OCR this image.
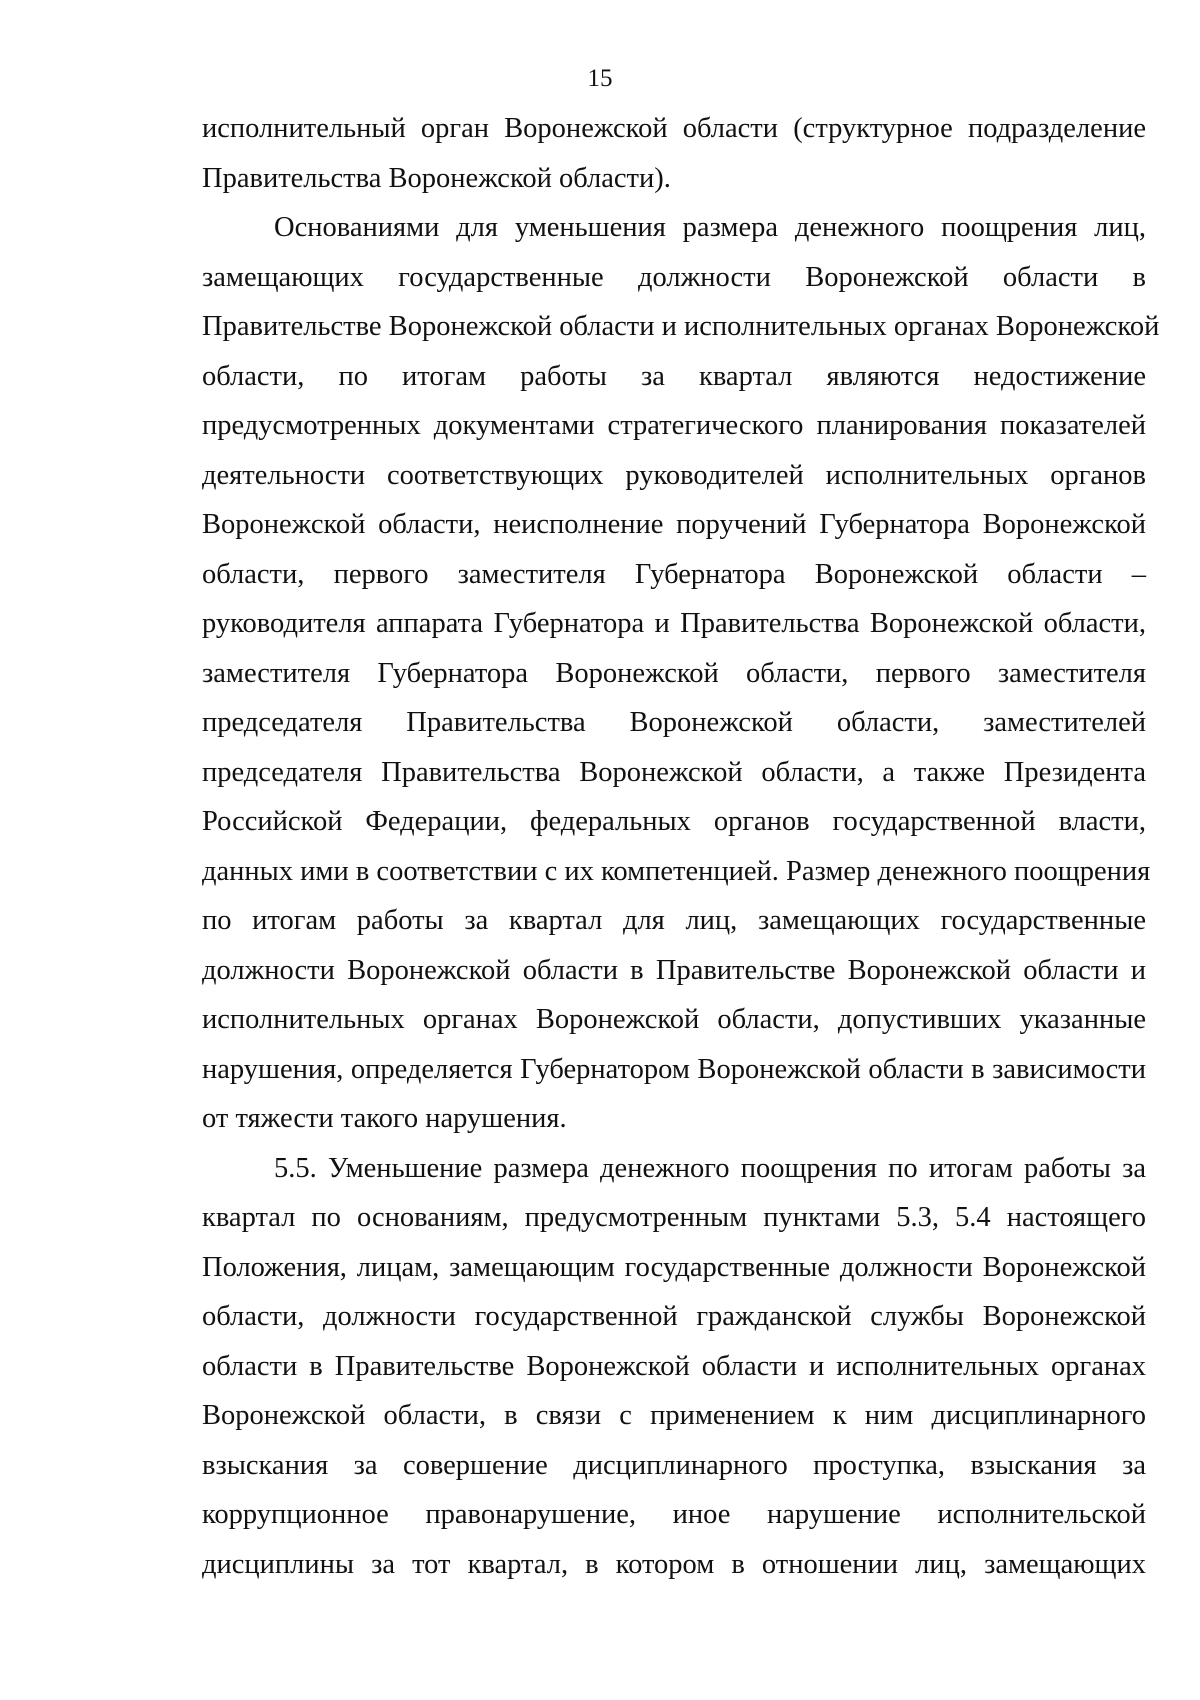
15
исполнительный орган Воронежской области (структурное подразделение
Правительства Воронежской области).
Основаниями для уменьшения размера денежного поощрения лиц,
замещающих государственные должности Воронежской области в
Правительстве Воронежской области и исполнительных органах Воронежской
области, по итогам работы за квартал являются недостижение
предусмотренных документами стратегического планирования показателей
деятельности соответствующих руководителей исполнительных органов
Воронежской области, неисполнение поручений Губернатора Воронежской
области, первого заместителя Губернатора Воронежской области –
руководителя аппарата Губернатора и Правительства Воронежской области,
заместителя Губернатора Воронежской области, первого заместителя
председателя Правительства Воронежской области, заместителей
председателя Правительства Воронежской области, а также Президента
Российской Федерации, федеральных органов государственной власти,
данных ими в соответствии с их компетенцией. Размер денежного поощрения
по итогам работы за квартал для лиц, замещающих государственные
должности Воронежской области в Правительстве Воронежской области и
исполнительных органах Воронежской области, допустивших указанные
нарушения, определяется Губернатором Воронежской области в зависимости
от тяжести такого нарушения.
5.5. Уменьшение размера денежного поощрения по итогам работы за
квартал по основаниям, предусмотренным пунктами 5.3, 5.4 настоящего
Положения, лицам, замещающим государственные должности Воронежской
области, должности государственной гражданской службы Воронежской
области в Правительстве Воронежской области и исполнительных органах
Воронежской области, в связи с применением к ним дисциплинарного
взыскания за совершение дисциплинарного проступка, взыскания за
коррупционное правонарушение, иное нарушение исполнительской
дисциплины за тот квартал, в котором в отношении лиц, замещающих
